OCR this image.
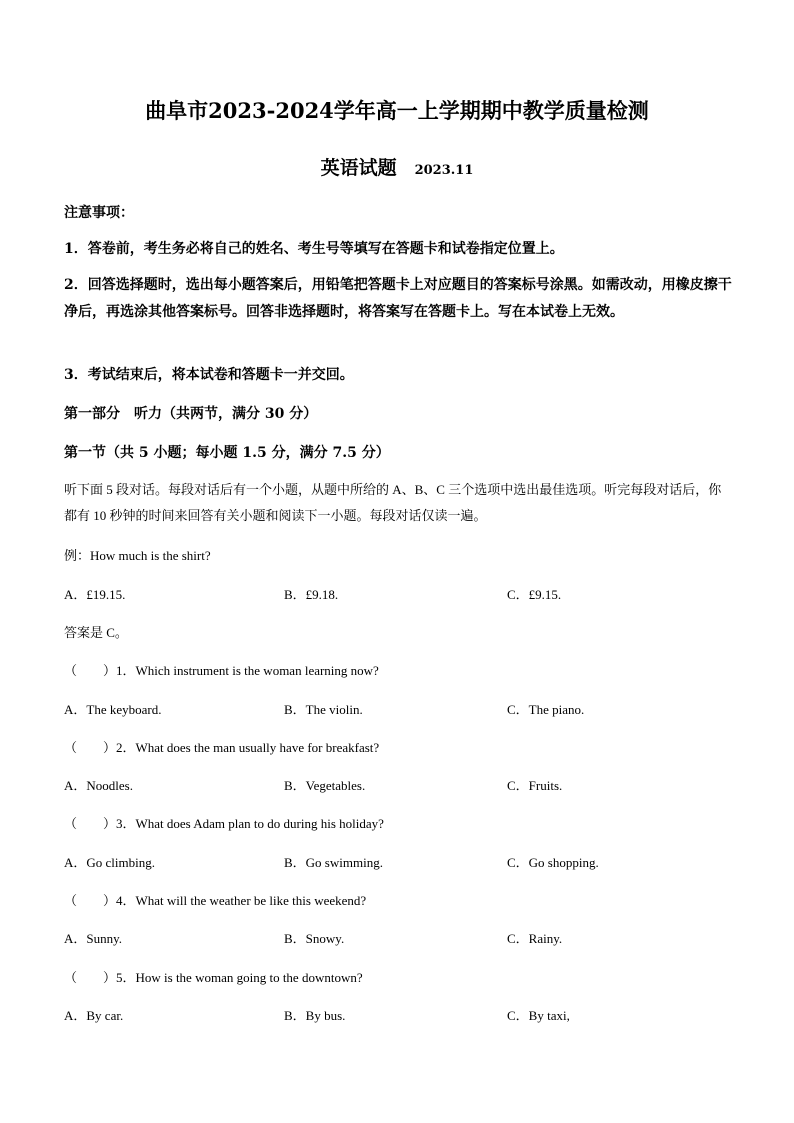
曲阜市2023-2024学年高一上学期期中教学质量检测
英语试题 2023.11
注意事项：
1．答卷前，考生务必将自己的姓名、考生号等填写在答题卡和试卷指定位置上。
2．回答选择题时，选出每小题答案后，用铅笔把答题卡上对应题目的答案标号涂黑。如需改动，用橡皮擦干净后，再选涂其他答案标号。回答非选择题时，将答案写在答题卡上。写在本试卷上无效。
3．考试结束后，将本试卷和答题卡一并交回。
第一部分　听力（共两节，满分 30 分）
第一节（共 5 小题；每小题 1.5 分，满分 7.5 分）
听下面 5 段对话。每段对话后有一个小题，从题中所给的 A、B、C 三个选项中选出最佳选项。听完每段对话后，你都有 10 秒钟的时间来回答有关小题和阅读下一小题。每段对话仅读一遍。
例：How much is the shirt?
A．£19.15.	B．£9.18.	C．£9.15.
答案是 C。
（　　）1．Which instrument is the woman learning now?
A．The keyboard.	B．The violin.	C．The piano.
（　　）2．What does the man usually have for breakfast?
A．Noodles.	B．Vegetables.	C．Fruits.
（　　）3．What does Adam plan to do during his holiday?
A．Go climbing.	B．Go swimming.	C．Go shopping.
（　　）4．What will the weather be like this weekend?
A．Sunny.	B．Snowy.	C．Rainy.
（　　）5．How is the woman going to the downtown?
A．By car.	B．By bus.	C．By taxi,
